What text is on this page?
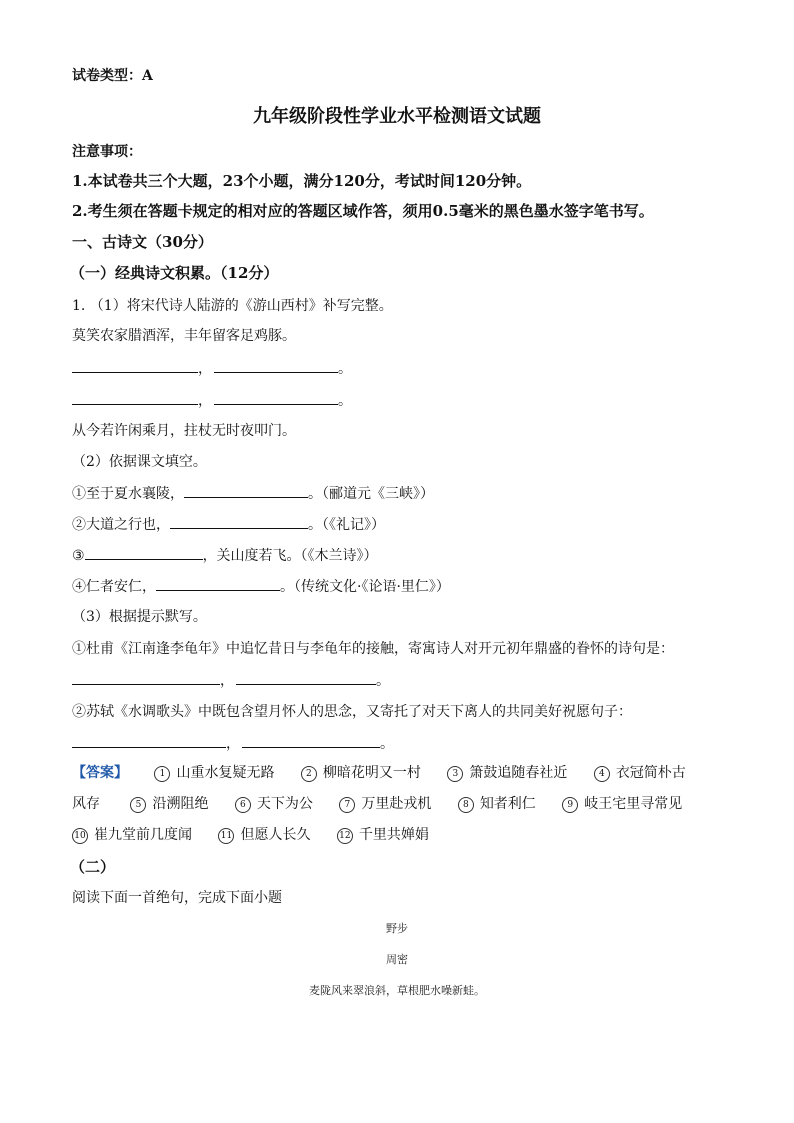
试卷类型：A
九年级阶段性学业水平检测语文试题
注意事项：
1.本试卷共三个大题，23个小题，满分120分，考试时间120分钟。
2.考生须在答题卡规定的相对应的答题区域作答，须用0.5毫米的黑色墨水签字笔书写。
一、古诗文（30分）
（一）经典诗文积累。（12分）
1. （1）将宋代诗人陆游的《游山西村》补写完整。
莫笑农家腊酒浑，丰年留客足鸡豚。
，	。
，	。
从今若许闲乘月，拄杖无时夜叩门。
（2）依据课文填空。
①至于夏水襄陵，	。（郦道元《三峡》）
②大道之行也，	。（《礼记》）
③	，关山度若飞。（《木兰诗》）
④仁者安仁，	。（传统文化·《论语·里仁》）
（3）根据提示默写。
①杜甫《江南逢李龟年》中追忆昔日与李龟年的接触，寄寓诗人对开元初年鼎盛的眷怀的诗句是：
，	。
②苏轼《水调歌头》中既包含望月怀人的思念，又寄托了对天下离人的共同美好祝愿句子：
，	。
【答案】	1 山重水复疑无路	2 柳暗花明又一村	3 箫鼓追随春社近	4 衣冠简朴古
风存	5 沿溯阻绝	6 天下为公	7 万里赴戎机	8 知者利仁	9 岐王宅里寻常见
10 崔九堂前几度闻	11 但愿人长久	12 千里共婵娟
（二）
阅读下面一首绝句，完成下面小题
野步
周密
麦陇风来翠浪斜，草根肥水噪新蛙。
